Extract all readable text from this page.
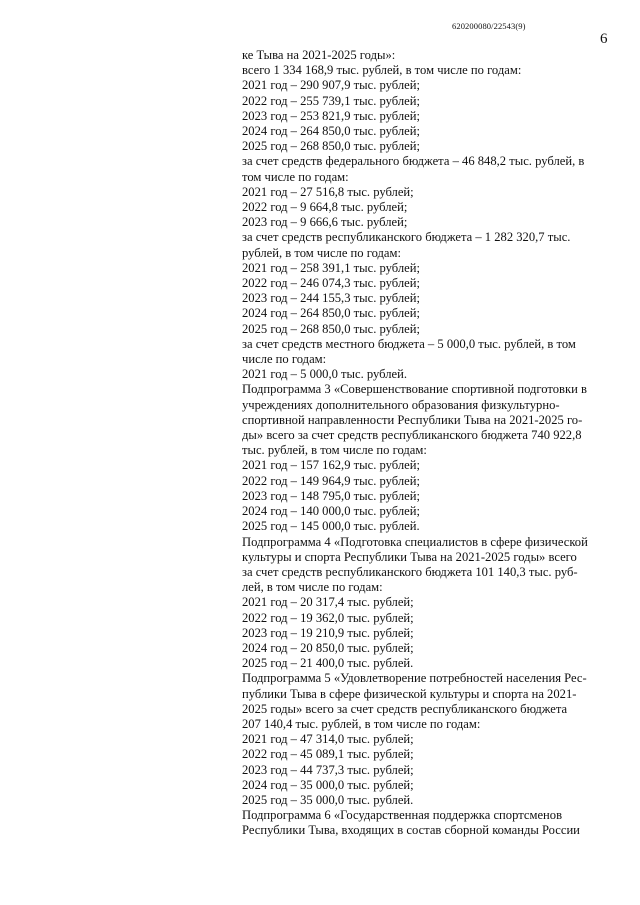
620200080/22543(9)
6
ке Тыва на 2021-2025 годы»:
всего 1 334 168,9 тыс. рублей, в том числе по годам:
2021 год – 290 907,9 тыс. рублей;
2022 год – 255 739,1 тыс. рублей;
2023 год – 253 821,9 тыс. рублей;
2024 год – 264 850,0 тыс. рублей;
2025 год – 268 850,0 тыс. рублей;
за счет средств федерального бюджета – 46 848,2 тыс. рублей, в
том числе по годам:
2021 год – 27 516,8 тыс. рублей;
2022 год – 9 664,8 тыс. рублей;
2023 год – 9 666,6 тыс. рублей;
за счет средств республиканского бюджета – 1 282 320,7 тыс.
рублей, в том числе по годам:
2021 год – 258 391,1 тыс. рублей;
2022 год – 246 074,3 тыс. рублей;
2023 год – 244 155,3 тыс. рублей;
2024 год – 264 850,0 тыс. рублей;
2025 год – 268 850,0 тыс. рублей;
за счет средств местного бюджета – 5 000,0 тыс. рублей, в том
числе по годам:
2021 год – 5 000,0 тыс. рублей.
Подпрограмма 3 «Совершенствование спортивной подготовки в
учреждениях дополнительного образования физкультурно-
спортивной направленности Республики Тыва на 2021-2025 го-
ды» всего за счет средств республиканского бюджета 740 922,8
тыс. рублей, в том числе по годам:
2021 год – 157 162,9 тыс. рублей;
2022 год – 149 964,9 тыс. рублей;
2023 год – 148 795,0 тыс. рублей;
2024 год – 140 000,0 тыс. рублей;
2025 год – 145 000,0 тыс. рублей.
Подпрограмма 4 «Подготовка специалистов в сфере физической
культуры и спорта Республики Тыва на 2021-2025 годы» всего
за счет средств республиканского бюджета 101 140,3 тыс. руб-
лей, в том числе по годам:
2021 год – 20 317,4 тыс. рублей;
2022 год – 19 362,0 тыс. рублей;
2023 год – 19 210,9 тыс. рублей;
2024 год – 20 850,0 тыс. рублей;
2025 год – 21 400,0 тыс. рублей.
Подпрограмма 5 «Удовлетворение потребностей населения Рес-
публики Тыва в сфере физической культуры и спорта на 2021-
2025 годы» всего за счет средств республиканского бюджета
207 140,4 тыс. рублей, в том числе по годам:
2021 год – 47 314,0 тыс. рублей;
2022 год – 45 089,1 тыс. рублей;
2023 год – 44 737,3 тыс. рублей;
2024 год – 35 000,0 тыс. рублей;
2025 год – 35 000,0 тыс. рублей.
Подпрограмма 6 «Государственная поддержка спортсменов
Республики Тыва, входящих в состав сборной команды России
